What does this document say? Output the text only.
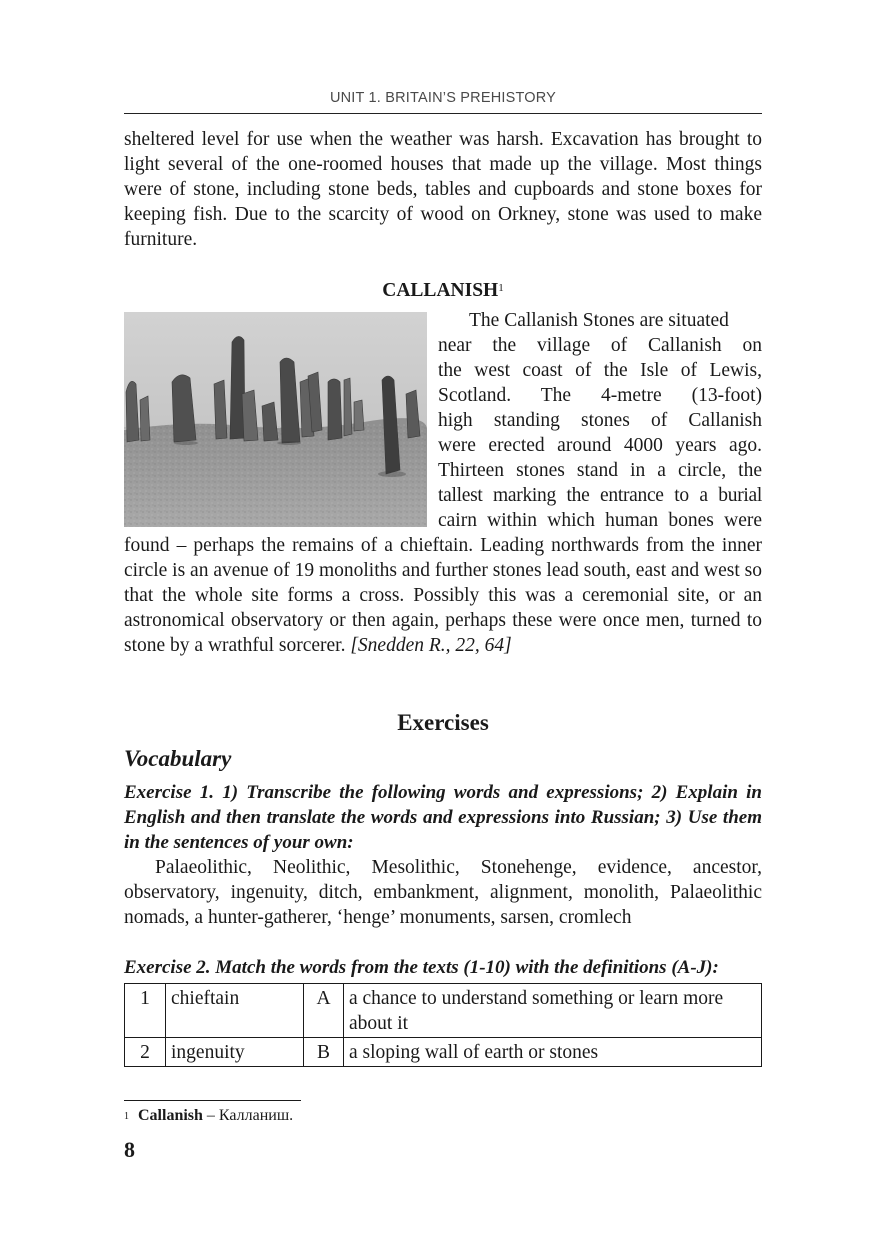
UNIT 1. BRITAIN’S PREHISTORY

sheltered level for use when the weather was harsh. Excavation has brought to light several of the one-roomed houses that made up the village. Most things were of stone, including stone beds, tables and cupboards and stone boxes for keeping fish. Due to the scarcity of wood on Orkney, stone was used to make furniture.

CALLANISH$^1$

The Callanish Stones are situated
near the village of Callanish on
the west coast of the Isle of Lewis,
Scotland. The 4-metre (13-foot)
high standing stones of Callanish
were erected around 4000 years ago.
Thirteen stones stand in a circle, the
tallest marking the entrance to a burial
cairn within which human bones were

found – perhaps the remains of a chieftain. Leading northwards from the inner circle is an avenue of 19 monoliths and further stones lead south, east and west so that the whole site forms a cross. Possibly this was a ceremonial site, or an astronomical observatory or then again, perhaps these were once men, turned to stone by a wrathful sorcerer. [Snedden R., 22, 64]

Exercises
Vocabulary

Exercise 1. 1) Transcribe the following words and expressions; 2) Explain in English and then translate the words and expressions into Russian; 3) Use them in the sentences of your own:

Palaeolithic, Neolithic, Mesolithic, Stonehenge, evidence, ancestor, observatory, ingenuity, ditch, embankment, alignment, monolith, Palaeolithic nomads, a hunter-gatherer, ‘henge’ monuments, sarsen, cromlech

Exercise 2. Match the words from the texts (1-10) with the definitions (A-J):

1	chieftain	A	a chance to understand something or learn more about it
2	ingenuity	B	a sloping wall of earth or stones
$^1$ Callanish – Калланиш.
8
